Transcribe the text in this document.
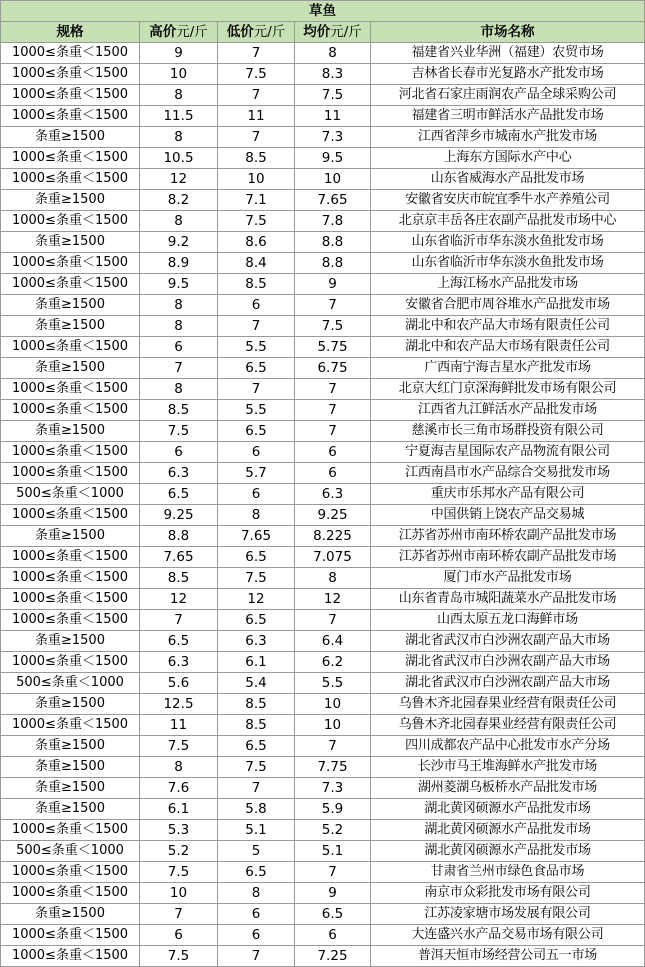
草鱼				
规格	高价元/斤	低价元/斤	均价元/斤	市场名称
1000≤条重＜1500	9	7	8	福建省兴业华洲（福建）农贸市场
1000≤条重＜1500	10	7.5	8.3	吉林省长春市光复路水产批发市场
1000≤条重＜1500	8	7	7.5	河北省石家庄雨润农产品全球采购公司
1000≤条重＜1500	11.5	11	11	福建省三明市鲜活水产品批发市场
条重≥1500	8	7	7.3	江西省萍乡市城南水产批发市场
1000≤条重＜1500	10.5	8.5	9.5	上海东方国际水产中心
1000≤条重＜1500	12	10	10	山东省威海水产品批发市场
条重≥1500	8.2	7.1	7.65	安徽省安庆市皖宜季牛水产养殖公司
1000≤条重＜1500	8	7.5	7.8	北京京丰岳各庄农副产品批发市场中心
条重≥1500	9.2	8.6	8.8	山东省临沂市华东淡水鱼批发市场
1000≤条重＜1500	8.9	8.4	8.8	山东省临沂市华东淡水鱼批发市场
1000≤条重＜1500	9.5	8.5	9	上海江杨水产品批发市场
条重≥1500	8	6	7	安徽省合肥市周谷堆水产品批发市场
条重≥1500	8	7	7.5	湖北中和农产品大市场有限责任公司
1000≤条重＜1500	6	5.5	5.75	湖北中和农产品大市场有限责任公司
条重≥1500	7	6.5	6.75	广西南宁海吉星水产批发市场
1000≤条重＜1500	8	7	7	北京大红门京深海鲜批发市场有限公司
1000≤条重＜1500	8.5	5.5	7	江西省九江鲜活水产品批发市场
条重≥1500	7.5	6.5	7	慈溪市长三角市场群投资有限公司
1000≤条重＜1500	6	6	6	宁夏海吉星国际农产品物流有限公司
1000≤条重＜1500	6.3	5.7	6	江西南昌市水产品综合交易批发市场
500≤条重＜1000	6.5	6	6.3	重庆市乐邦水产品有限公司
1000≤条重＜1500	9.25	8	9.25	中国供销上饶农产品交易城
条重≥1500	8.8	7.65	8.225	江苏省苏州市南环桥农副产品批发市场
1000≤条重＜1500	7.65	6.5	7.075	江苏省苏州市南环桥农副产品批发市场
1000≤条重＜1500	8.5	7.5	8	厦门市水产品批发市场
1000≤条重＜1500	12	12	12	山东省青岛市城阳蔬菜水产品批发市场
1000≤条重＜1500	7	6.5	7	山西太原五龙口海鲜市场
条重≥1500	6.5	6.3	6.4	湖北省武汉市白沙洲农副产品大市场
1000≤条重＜1500	6.3	6.1	6.2	湖北省武汉市白沙洲农副产品大市场
500≤条重＜1000	5.6	5.4	5.5	湖北省武汉市白沙洲农副产品大市场
条重≥1500	12.5	8.5	10	乌鲁木齐北园春果业经营有限责任公司
1000≤条重＜1500	11	8.5	10	乌鲁木齐北园春果业经营有限责任公司
条重≥1500	7.5	6.5	7	四川成都农产品中心批发市水产分场
条重≥1500	8	7.5	7.75	长沙市马王堆海鲜水产批发市场
条重≥1500	7.6	7	7.3	湖州菱湖乌板桥水产品批发市场
条重≥1500	6.1	5.8	5.9	湖北黄冈硕源水产品批发市场
1000≤条重＜1500	5.3	5.1	5.2	湖北黄冈硕源水产品批发市场
500≤条重＜1000	5.2	5	5.1	湖北黄冈硕源水产品批发市场
1000≤条重＜1500	7.5	6.5	7	甘肃省兰州市绿色食品市场
1000≤条重＜1500	10	8	9	南京市众彩批发市场有限公司
条重≥1500	7	6	6.5	江苏凌家塘市场发展有限公司
1000≤条重＜1500	6	6	6	大连盛兴水产品交易市场有限公司
1000≤条重＜1500	7.5	7	7.25	普洱天恒市场经营公司五一市场
